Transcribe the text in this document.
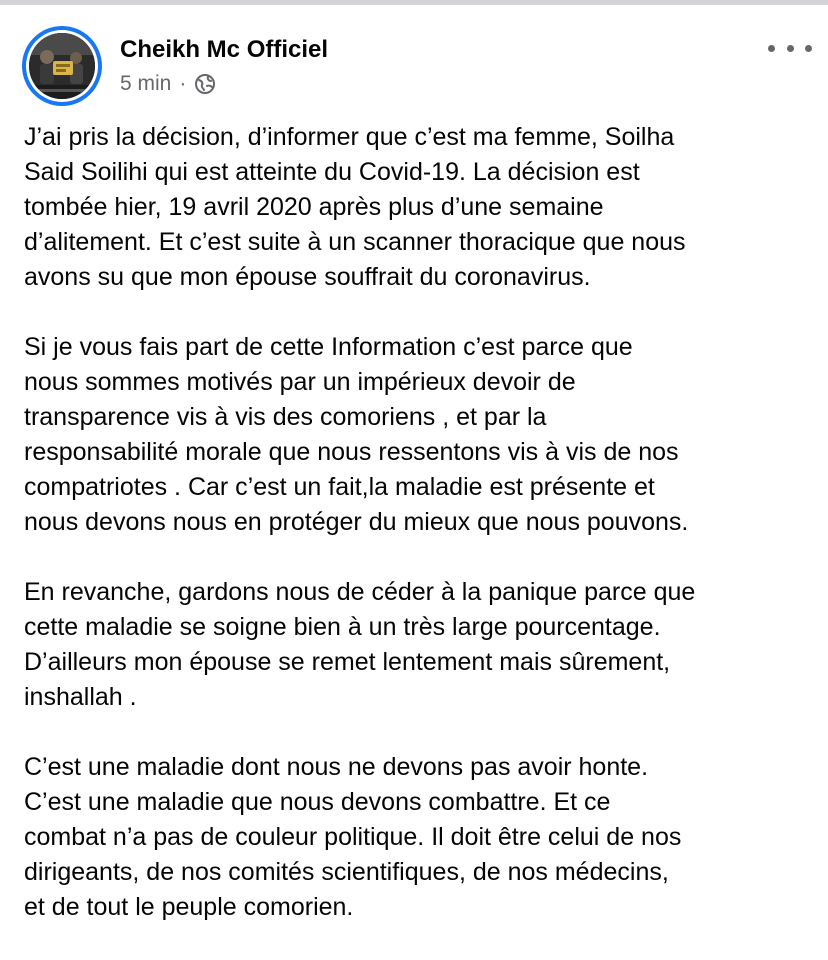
Cheikh Mc Officiel
5 min ·

J’ai pris la décision, d’informer que c’est ma femme, Soilha
Said Soilihi qui est atteinte du Covid-19. La décision est
tombée hier, 19 avril 2020 après plus d’une semaine
d’alitement. Et c’est suite à un scanner thoracique que nous
avons su que mon épouse souffrait du coronavirus.

Si je vous fais part de cette Information c’est parce que
nous sommes motivés par un impérieux devoir de
transparence vis à vis des comoriens , et par la
responsabilité morale que nous ressentons vis à vis de nos
compatriotes . Car c’est un fait,la maladie est présente et
nous devons nous en protéger du mieux que nous pouvons.

En revanche, gardons nous de céder à la panique parce que
cette maladie se soigne bien à un très large pourcentage.
D’ailleurs mon épouse se remet lentement mais sûrement,
inshallah .

C’est une maladie dont nous ne devons pas avoir honte.
C’est une maladie que nous devons combattre. Et ce
combat n’a pas de couleur politique. Il doit être celui de nos
dirigeants, de nos comités scientifiques, de nos médecins,
et de tout le peuple comorien.
